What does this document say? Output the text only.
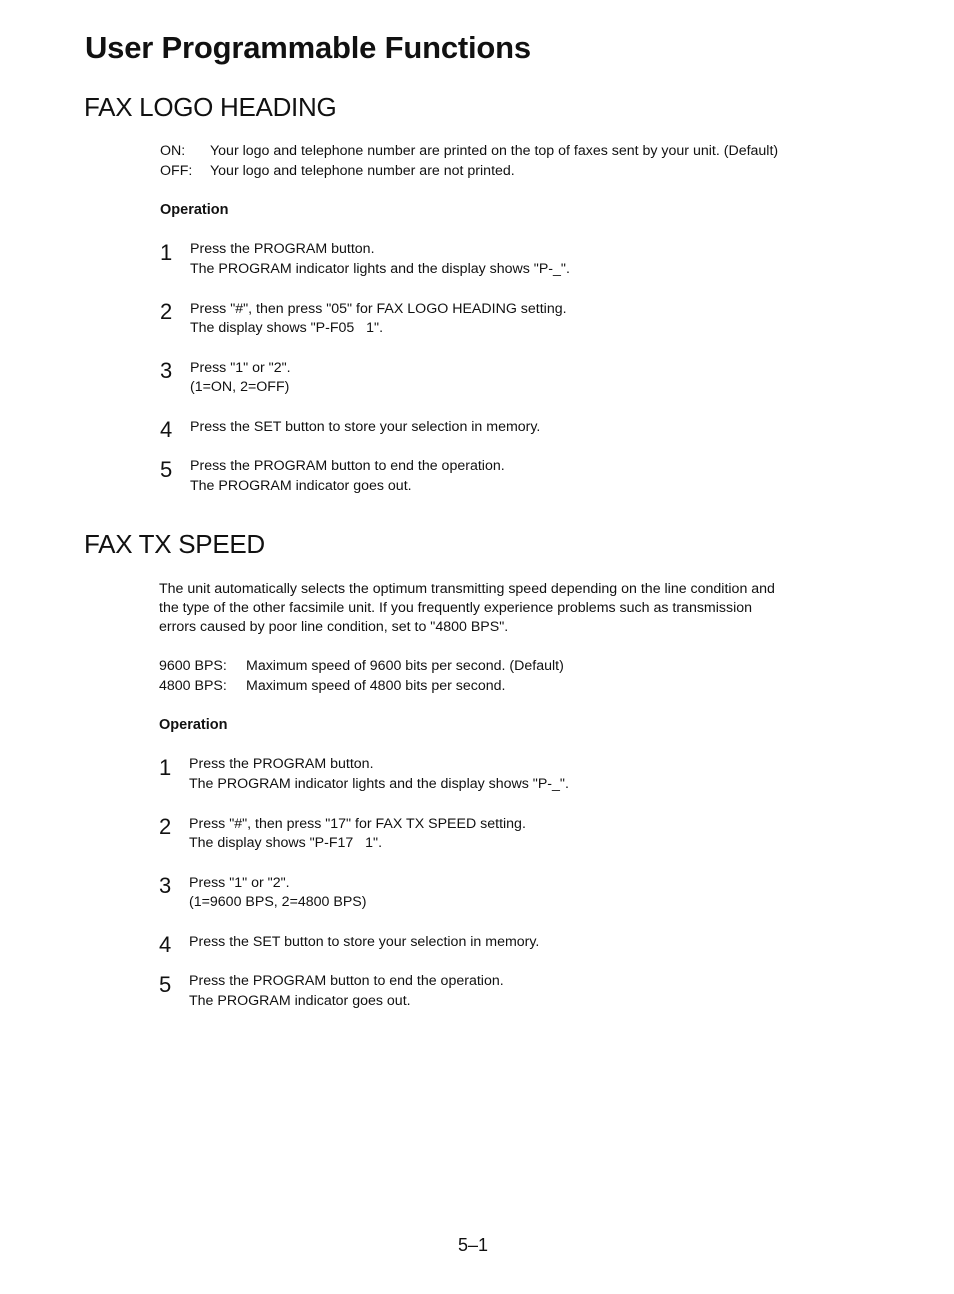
User Programmable Functions
FAX LOGO HEADING
ON: Your logo and telephone number are printed on the top of faxes sent by your unit. (Default)
OFF: Your logo and telephone number are not printed.
Operation
1 Press the PROGRAM button.
The PROGRAM indicator lights and the display shows "P-_".
2 Press "#", then press "05" for FAX LOGO HEADING setting.
The display shows "P-F05   1".
3 Press "1" or "2".
(1=ON, 2=OFF)
4 Press the SET button to store your selection in memory.
5 Press the PROGRAM button to end the operation.
The PROGRAM indicator goes out.
FAX TX SPEED
The unit automatically selects the optimum transmitting speed depending on the line condition and
the type of the other facsimile unit. If you frequently experience problems such as transmission
errors caused by poor line condition, set to "4800 BPS".
9600 BPS: Maximum speed of 9600 bits per second. (Default)
4800 BPS: Maximum speed of 4800 bits per second.
Operation
1 Press the PROGRAM button.
The PROGRAM indicator lights and the display shows "P-_".
2 Press "#", then press "17" for FAX TX SPEED setting.
The display shows "P-F17   1".
3 Press "1" or "2".
(1=9600 BPS, 2=4800 BPS)
4 Press the SET button to store your selection in memory.
5 Press the PROGRAM button to end the operation.
The PROGRAM indicator goes out.
5–1
